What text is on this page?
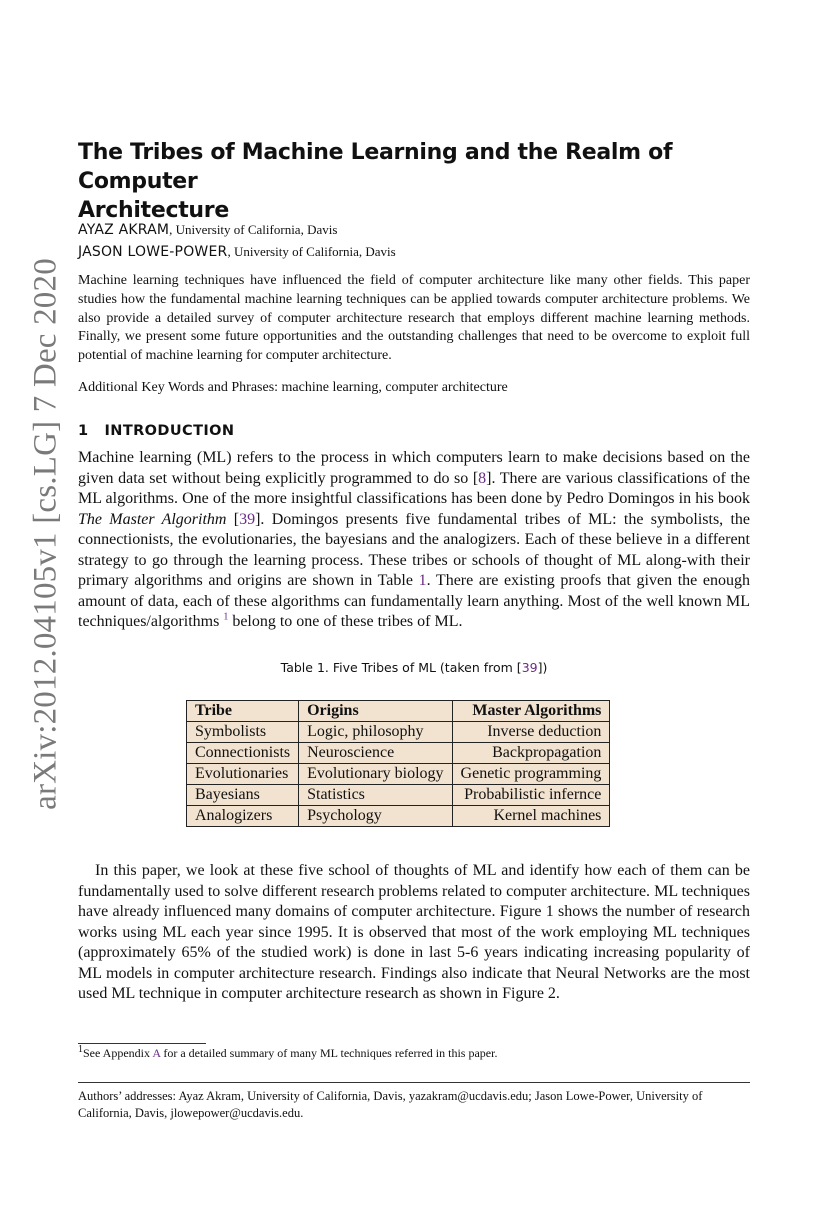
arXiv:2012.04105v1 [cs.LG] 7 Dec 2020
The Tribes of Machine Learning and the Realm of Computer
Architecture
AYAZ AKRAM, University of California, Davis
JASON LOWE-POWER, University of California, Davis

Machine learning techniques have influenced the field of computer architecture like many other fields. This paper studies how the fundamental machine learning techniques can be applied towards computer architecture problems. We also provide a detailed survey of computer architecture research that employs different machine learning methods. Finally, we present some future opportunities and the outstanding challenges that need to be overcome to exploit full potential of machine learning for computer architecture.

Additional Key Words and Phrases: machine learning, computer architecture

1 INTRODUCTION

Machine learning (ML) refers to the process in which computers learn to make decisions based on the given data set without being explicitly programmed to do so [8]. There are various classifications of the ML algorithms. One of the more insightful classifications has been done by Pedro Domingos in his book The Master Algorithm [39]. Domingos presents five fundamental tribes of ML: the symbolists, the connectionists, the evolutionaries, the bayesians and the analogizers. Each of these believe in a different strategy to go through the learning process. These tribes or schools of thought of ML along-with their primary algorithms and origins are shown in Table 1. There are existing proofs that given the enough amount of data, each of these algorithms can fundamentally learn anything. Most of the well known ML techniques/algorithms $^1$ belong to one of these tribes of ML.

Table 1. Five Tribes of ML (taken from [39])
Tribe	Origins	Master Algorithms
Symbolists	Logic, philosophy	Inverse deduction
Connectionists	Neuroscience	Backpropagation
Evolutionaries	Evolutionary biology	Genetic programming
Bayesians	Statistics	Probabilistic infernce
Analogizers	Psychology	Kernel machines

In this paper, we look at these five school of thoughts of ML and identify how each of them can be fundamentally used to solve different research problems related to computer architecture. ML techniques have already influenced many domains of computer architecture. Figure 1 shows the number of research works using ML each year since 1995. It is observed that most of the work employing ML techniques (approximately 65% of the studied work) is done in last 5-6 years indicating increasing popularity of ML models in computer architecture research. Findings also indicate that Neural Networks are the most used ML technique in computer architecture research as shown in Figure 2.

$^1$See Appendix A for a detailed summary of many ML techniques referred in this paper.

Authors’ addresses: Ayaz Akram, University of California, Davis, yazakram@ucdavis.edu; Jason Lowe-Power, University of California, Davis, jlowepower@ucdavis.edu.
